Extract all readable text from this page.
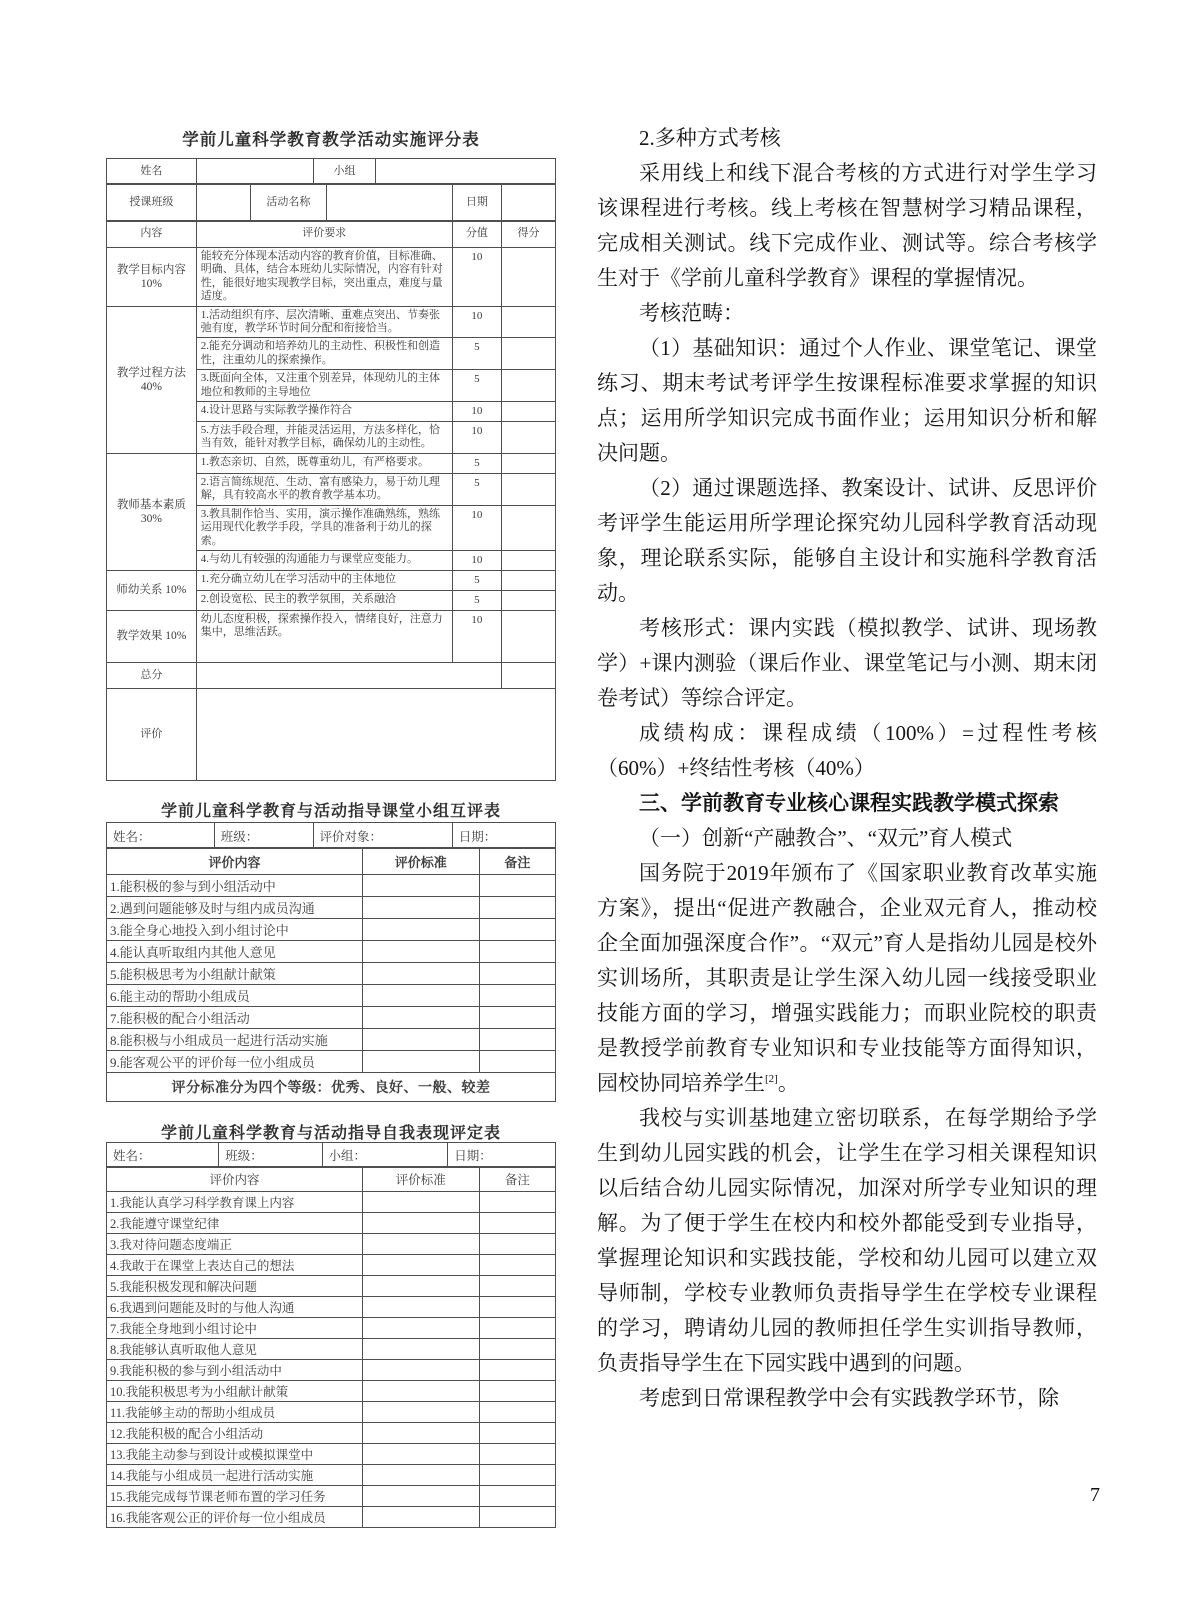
学前儿童科学教育教学活动实施评分表
姓名		小组	
授课班级		活动名称		日期	
内容	评价要求	分值	得分
教学目标内容 10%	能较充分体现本活动内容的教育价值，目标准确、明确、具体，结合本班幼儿实际情况，内容有针对性，能很好地实现教学目标，突出重点，难度与量适度。	10	
教学过程方法 40%	1.活动组织有序、层次清晰、重难点突出、节奏张弛有度，教学环节时间分配和衔接恰当。	10	
	2.能充分调动和培养幼儿的主动性、积极性和创造性，注重幼儿的探索操作。	5	
	3.既面向全体，又注重个别差异，体现幼儿的主体地位和教师的主导地位	5	
	4.设计思路与实际教学操作符合	10	
	5.方法手段合理，并能灵活运用，方法多样化，恰当有效，能针对教学目标，确保幼儿的主动性。	10	
教师基本素质 30%	1.教态亲切、自然，既尊重幼儿，有严格要求。	5	
	2.语言简练规范、生动、富有感染力，易于幼儿理解，具有较高水平的教育教学基本功。	5	
	3.教具制作恰当、实用，演示操作准确熟练，熟练运用现代化教学手段，学具的准备利于幼儿的探索。	10	
	4.与幼儿有较强的沟通能力与课堂应变能力。	10	
师幼关系 10%	1.充分确立幼儿在学习活动中的主体地位	5	
	2.创设宽松、民主的教学氛围，关系融洽	5	
教学效果 10%	幼儿态度积极，探索操作投入，情绪良好，注意力集中，思维活跃。	10	
总分			
评价			
学前儿童科学教育与活动指导课堂小组互评表
姓名：	班级：	评价对象：	日期：
评价内容	评价标准	备注
1.能积极的参与到小组活动中		
2.遇到问题能够及时与组内成员沟通		
3.能全身心地投入到小组讨论中		
4.能认真听取组内其他人意见		
5.能积极思考为小组献计献策		
6.能主动的帮助小组成员		
7.能积极的配合小组活动		
8.能积极与小组成员一起进行活动实施		
9.能客观公平的评价每一位小组成员		
评分标准分为四个等级：优秀、良好、一般、较差		
学前儿童科学教育与活动指导自我表现评定表
姓名：	班级：	小组：	日期：
评价内容	评价标准	备注
1.我能认真学习科学教育课上内容		
2.我能遵守课堂纪律		
3.我对待问题态度端正		
4.我敢于在课堂上表达自己的想法		
5.我能积极发现和解决问题		
6.我遇到问题能及时的与他人沟通		
7.我能全身地到小组讨论中		
8.我能够认真听取他人意见		
9.我能积极的参与到小组活动中		
10.我能积极思考为小组献计献策		
11.我能够主动的帮助小组成员		
12.我能积极的配合小组活动		
13.我能主动参与到设计或模拟课堂中		
14.我能与小组成员一起进行活动实施		
15.我能完成每节课老师布置的学习任务		
16.我能客观公正的评价每一位小组成员		

2.多种方式考核

采用线上和线下混合考核的方式进行对学生学习该课程进行考核。线上考核在智慧树学习精品课程，完成相关测试。线下完成作业、测试等。综合考核学生对于《学前儿童科学教育》课程的掌握情况。

考核范畴：

（1）基础知识：通过个人作业、课堂笔记、课堂练习、期末考试考评学生按课程标准要求掌握的知识点；运用所学知识完成书面作业；运用知识分析和解决问题。

（2）通过课题选择、教案设计、试讲、反思评价考评学生能运用所学理论探究幼儿园科学教育活动现象，理论联系实际，能够自主设计和实施科学教育活动。

考核形式：课内实践（模拟教学、试讲、现场教学）+课内测验（课后作业、课堂笔记与小测、期末闭卷考试）等综合评定。

成绩构成：课程成绩（100%）=过程性考核（60%）+终结性考核（40%）

三、学前教育专业核心课程实践教学模式探索

（一）创新“产融教合”、“双元”育人模式

国务院于2019年颁布了《国家职业教育改革实施方案》，提出“促进产教融合，企业双元育人，推动校企全面加强深度合作”。“双元”育人是指幼儿园是校外实训场所，其职责是让学生深入幼儿园一线接受职业技能方面的学习，增强实践能力；而职业院校的职责是教授学前教育专业知识和专业技能等方面得知识，园校协同培养学生[2]。

我校与实训基地建立密切联系，在每学期给予学生到幼儿园实践的机会，让学生在学习相关课程知识以后结合幼儿园实际情况，加深对所学专业知识的理解。为了便于学生在校内和校外都能受到专业指导，掌握理论知识和实践技能，学校和幼儿园可以建立双导师制，学校专业教师负责指导学生在学校专业课程的学习，聘请幼儿园的教师担任学生实训指导教师，负责指导学生在下园实践中遇到的问题。

考虑到日常课程教学中会有实践教学环节，除

7
